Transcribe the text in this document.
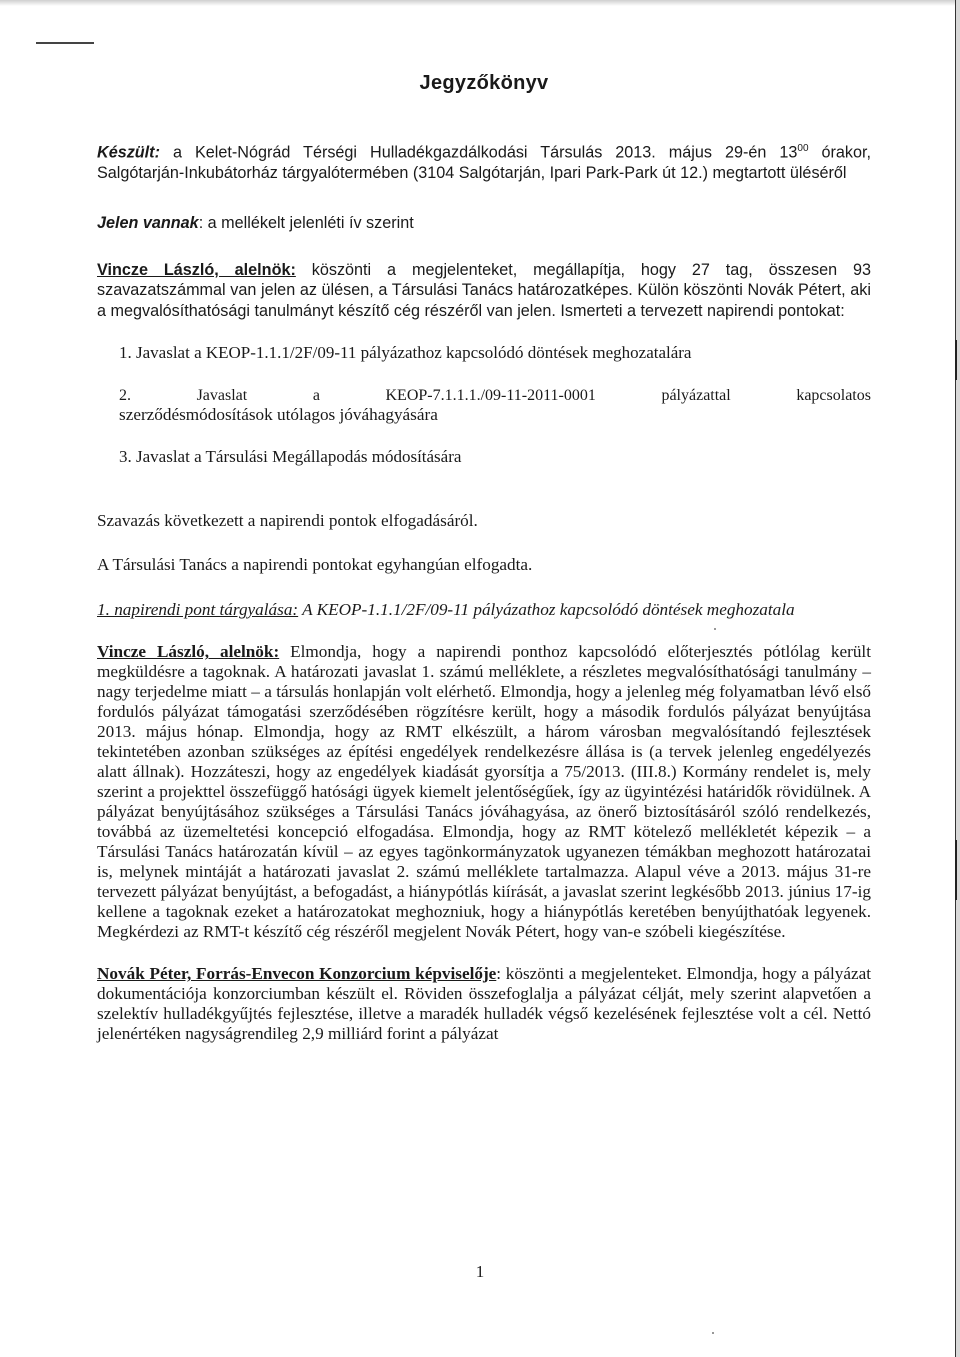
Jegyzőkönyv

Készült: a Kelet-Nógrád Térségi Hulladékgazdálkodási Társulás 2013. május 29-én $13^{00}$ órakor, Salgótarján-Inkubátorház tárgyalótermében (3104 Salgótarján, Ipari Park-Park út 12.) megtartott üléséről

Jelen vannak: a mellékelt jelenléti ív szerint

Vincze László, alelnök: köszönti a megjelenteket, megállapítja, hogy 27 tag, összesen 93 szavazatszámmal van jelen az ülésen, a Társulási Tanács határozatképes. Külön köszönti Novák Pétert, aki a megvalósíthatósági tanulmányt készítő cég részéről van jelen. Ismerteti a tervezett napirendi pontokat:

1. Javaslat a KEOP-1.1.1/2F/09-11 pályázathoz kapcsolódó döntések meghozatalára

2.	Javaslat	a	KEOP-7.1.1.1./09-11-2011-0001	pályázattal	kapcsolatos

szerződésmódosítások utólagos jóváhagyására

3. Javaslat a Társulási Megállapodás módosítására

Szavazás következett a napirendi pontok elfogadásáról.

A Társulási Tanács a napirendi pontokat egyhangúan elfogadta.

1. napirendi pont tárgyalása: A KEOP-1.1.1/2F/09-11 pályázathoz kapcsolódó döntések meghozatala

Vincze László, alelnök: Elmondja, hogy a napirendi ponthoz kapcsolódó előterjesztés pótlólag került megküldésre a tagoknak. A határozati javaslat 1. számú melléklete, a részletes megvalósíthatósági tanulmány – nagy terjedelme miatt – a társulás honlapján volt elérhető. Elmondja, hogy a jelenleg még folyamatban lévő első fordulós pályázat támogatási szerződésében rögzítésre került, hogy a második fordulós pályázat benyújtása 2013. május hónap. Elmondja, hogy az RMT elkészült, a három városban megvalósítandó fejlesztések tekintetében azonban szükséges az építési engedélyek rendelkezésre állása is (a tervek jelenleg engedélyezés alatt állnak). Hozzáteszi, hogy az engedélyek kiadását gyorsítja a 75/2013. (III.8.) Kormány rendelet is, mely szerint a projekttel összefüggő hatósági ügyek kiemelt jelentőségűek, így az ügyintézési határidők rövidülnek. A pályázat benyújtásához szükséges a Társulási Tanács jóváhagyása, az önerő biztosításáról szóló rendelkezés, továbbá az üzemeltetési koncepció elfogadása. Elmondja, hogy az RMT kötelező mellékletét képezik – a Társulási Tanács határozatán kívül – az egyes tagönkormányzatok ugyanezen témákban meghozott határozatai is, melynek mintáját a határozati javaslat 2. számú melléklete tartalmazza. Alapul véve a 2013. május 31-re tervezett pályázat benyújtást, a befogadást, a hiánypótlás kiírását, a javaslat szerint legkésőbb 2013. június 17-ig kellene a tagoknak ezeket a határozatokat meghozniuk, hogy a hiánypótlás keretében benyújthatóak legyenek. Megkérdezi az RMT-t készítő cég részéről megjelent Novák Pétert, hogy van-e szóbeli kiegészítése.

Novák Péter, Forrás-Envecon Konzorcium képviselője: köszönti a megjelenteket. Elmondja, hogy a pályázat dokumentációja konzorciumban készült el. Röviden összefoglalja a pályázat célját, mely szerint alapvetően a szelektív hulladékgyűjtés fejlesztése, illetve a maradék hulladék végső kezelésének fejlesztése volt a cél. Nettó jelenértéken nagyságrendileg 2,9 milliárd forint a pályázat

1
